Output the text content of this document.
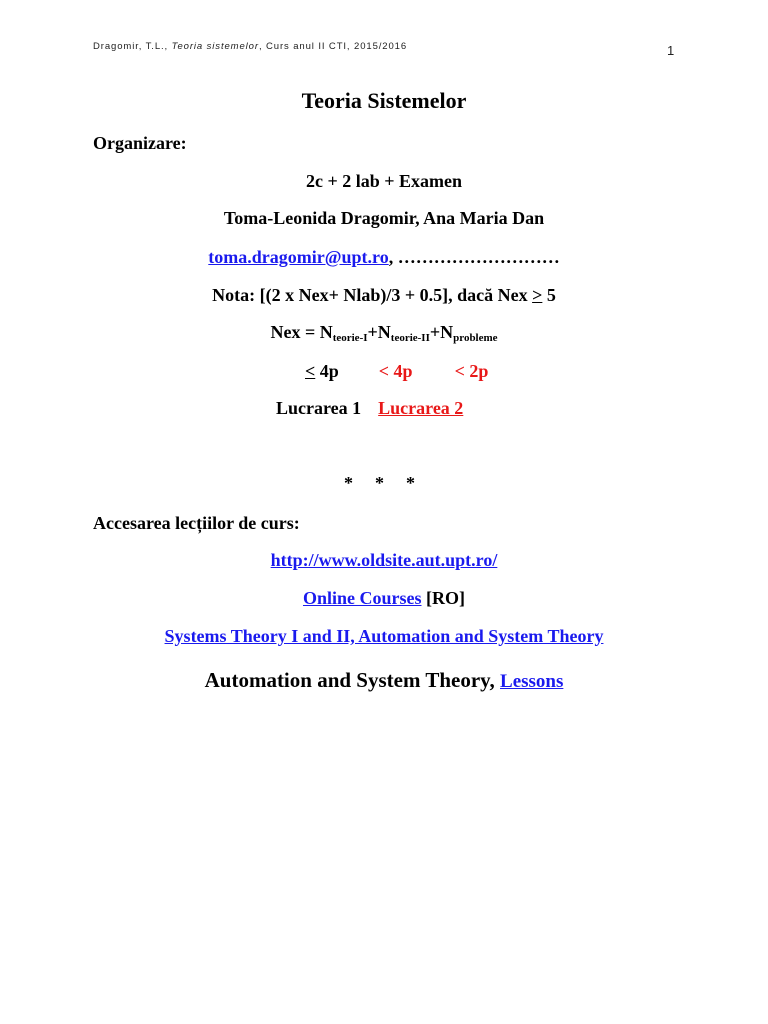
Dragomir, T.L., Teoria sistemelor, Curs anul II CTI, 2015/2016	1
Teoria Sistemelor
Organizare:
2c + 2 lab + Examen
Toma-Leonida Dragomir, Ana Maria Dan
toma.dragomir@upt.ro, ………………………
Nota: [(2 x Nex+ Nlab)/3 + 0.5], dacă Nex ≥ 5
Nex = $N_{teorie-I}+N_{teorie-II}+N_{probleme}$
< 4p < 4p < 2p
Lucrarea 1 Lucrarea 2
* * *
Accesarea lecțiilor de curs:
http://www.oldsite.aut.upt.ro/
Online Courses [RO]
Systems Theory I and II, Automation and System Theory
Automation and System Theory, Lessons
